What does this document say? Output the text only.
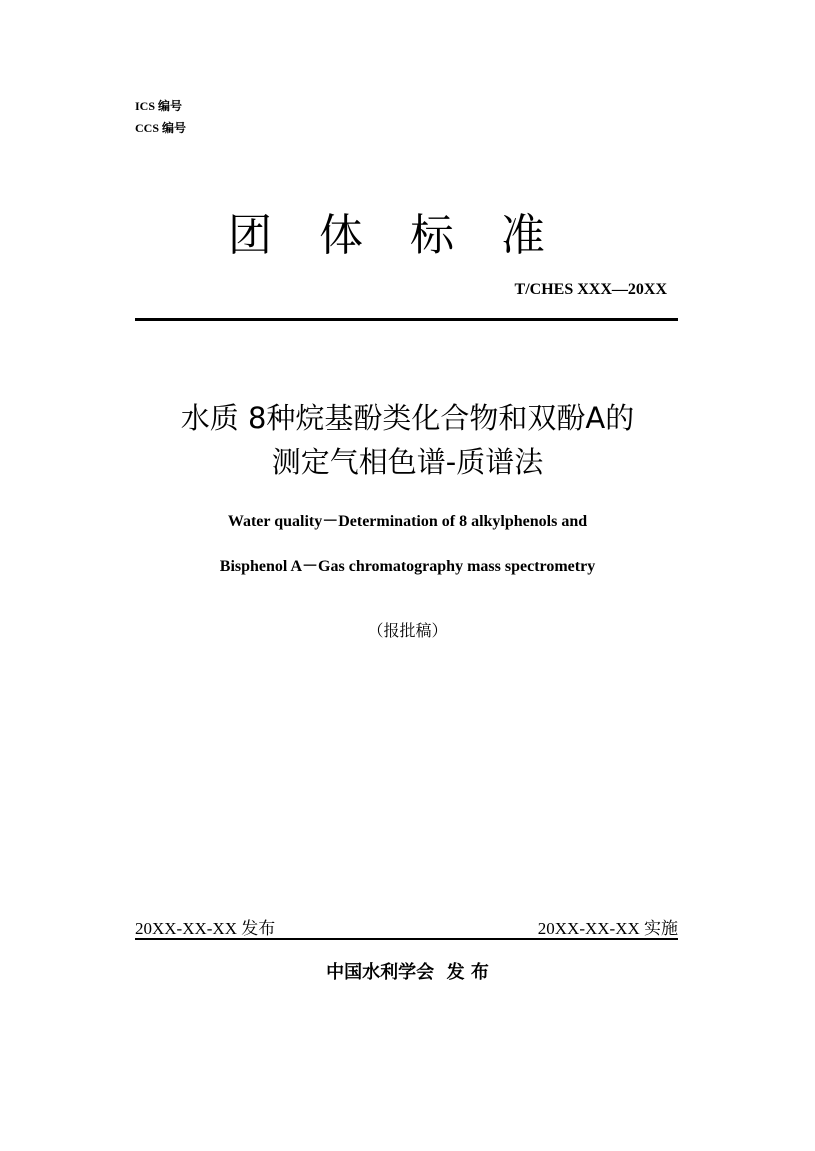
ICS 编号
CCS 编号
团体标准
T/CHES XXX—20XX
水质 8种烷基酚类化合物和双酚A的
测定气相色谱-质谱法
Water quality－Determination of 8 alkylphenols and
Bisphenol A－Gas chromatography mass spectrometry
（报批稿）
20XX-XX-XX 发布	20XX-XX-XX 实施
中国水利学会  发 布
